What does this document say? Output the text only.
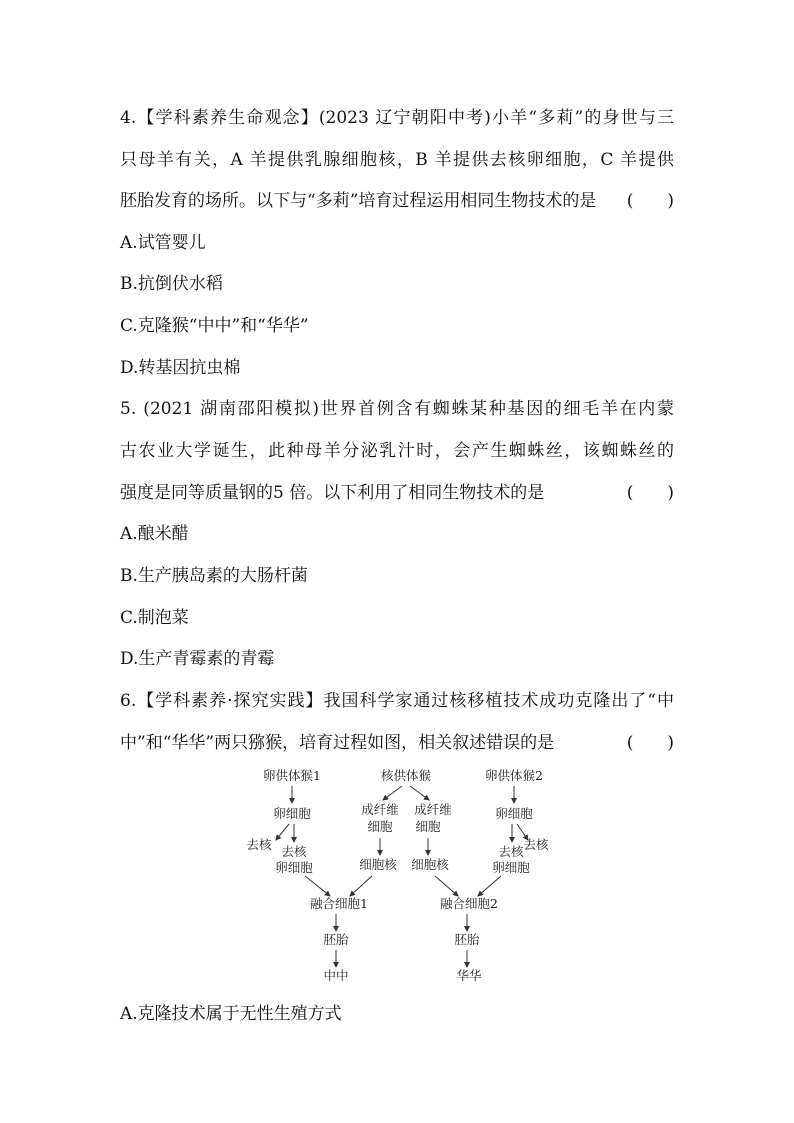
4.【学科素养生命观念】(2023 辽宁朝阳中考)小羊“多莉”的身世与三
只母羊有关，A 羊提供乳腺细胞核，B 羊提供去核卵细胞，C 羊提供
胚胎发育的场所。以下与“多莉”培育过程运用相同生物技术的是 (　　)
A.试管婴儿
B.抗倒伏水稻
C.克隆猴“中中”和“华华”
D.转基因抗虫棉
5. (2021 湖南邵阳模拟)世界首例含有蜘蛛某种基因的细毛羊在内蒙
古农业大学诞生，此种母羊分泌乳汁时，会产生蜘蛛丝，该蜘蛛丝的
强度是同等质量钢的5 倍。以下利用了相同生物技术的是	(　　)
A.酿米醋
B.生产胰岛素的大肠杆菌
C.制泡菜
D.生产青霉素的青霉
6.【学科素养·探究实践】我国科学家通过核移植技术成功克隆出了“中
中”和“华华”两只猕猴，培育过程如图，相关叙述错误的是	(　　)
卵供体猴1	核供体猴	卵供体猴2
卵细胞	成纤维
细胞
成纤维
细胞
卵细胞
去核 去核
卵细胞
去核
去核
卵细胞
细胞核 细胞核
融合细胞1	融合细胞2
胚胎	胚胎
中中	华华
A.克隆技术属于无性生殖方式
